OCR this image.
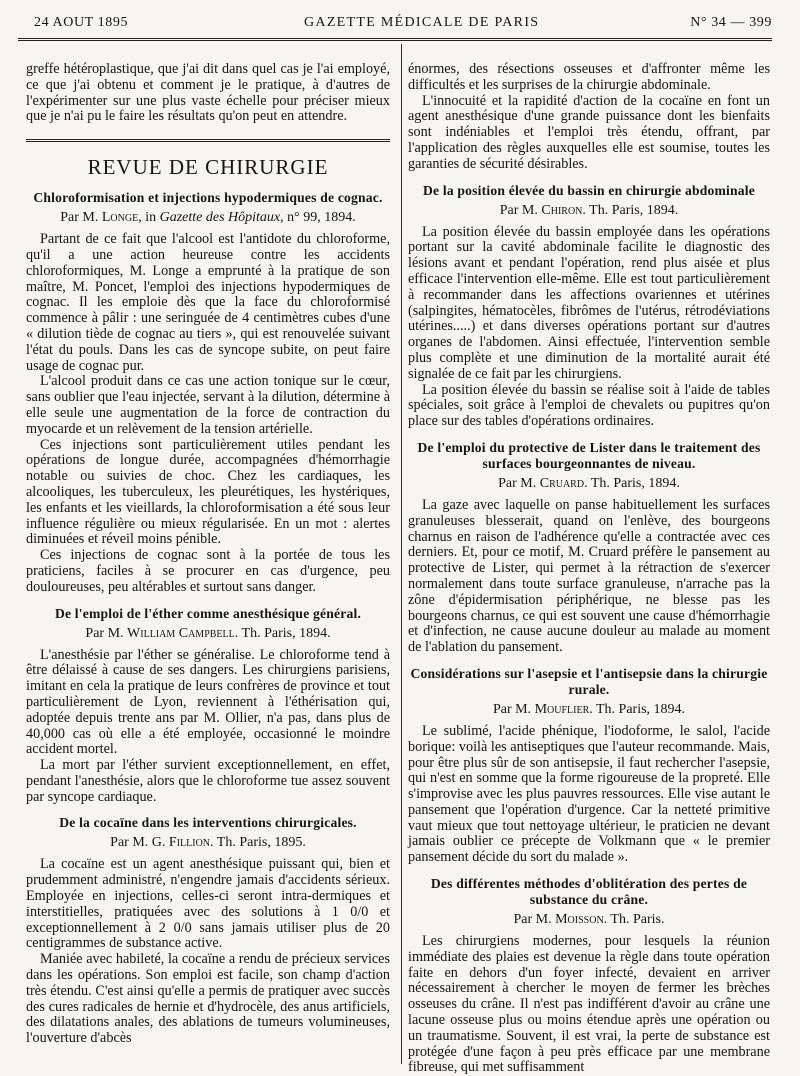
24 AOUT 1895	GAZETTE MÉDICALE DE PARIS	N° 34 — 399

greffe hétéroplastique, que j'ai dit dans quel cas je l'ai employé, ce que j'ai obtenu et comment je le pratique, à d'autres de l'expérimenter sur une plus vaste échelle pour préciser mieux que je n'ai pu le faire les résultats qu'on peut en attendre.

REVUE DE CHIRURGIE
Chloroformisation et injections hypodermiques de cognac.
Par M. Longe, in Gazette des Hôpitaux, n° 99, 1894.

Partant de ce fait que l'alcool est l'antidote du chloroforme, qu'il a une action heureuse contre les accidents chloroformiques, M. Longe a emprunté à la pratique de son maître, M. Poncet, l'emploi des injections hypodermiques de cognac. Il les emploie dès que la face du chloroformisé commence à pâlir : une seringuée de 4 centimètres cubes d'une « dilution tiède de cognac au tiers », qui est renouvelée suivant l'état du pouls. Dans les cas de syncope subite, on peut faire usage de cognac pur.

L'alcool produit dans ce cas une action tonique sur le cœur, sans oublier que l'eau injectée, servant à la dilution, détermine à elle seule une augmentation de la force de contraction du myocarde et un relèvement de la tension artérielle.

Ces injections sont particulièrement utiles pendant les opérations de longue durée, accompagnées d'hémorrhagie notable ou suivies de choc. Chez les cardiaques, les alcooliques, les tuberculeux, les pleurétiques, les hystériques, les enfants et les vieillards, la chloroformisation a été sous leur influence régulière ou mieux régularisée. En un mot : alertes diminuées et réveil moins pénible.

Ces injections de cognac sont à la portée de tous les praticiens, faciles à se procurer en cas d'urgence, peu douloureuses, peu altérables et surtout sans danger.

De l'emploi de l'éther comme anesthésique général.
Par M. William Campbell. Th. Paris, 1894.

L'anesthésie par l'éther se généralise. Le chloroforme tend à être délaissé à cause de ses dangers. Les chirurgiens parisiens, imitant en cela la pratique de leurs confrères de province et tout particulièrement de Lyon, reviennent à l'éthérisation qui, adoptée depuis trente ans par M. Ollier, n'a pas, dans plus de 40,000 cas où elle a été employée, occasionné le moindre accident mortel.

La mort par l'éther survient exceptionnellement, en effet, pendant l'anesthésie, alors que le chloroforme tue assez souvent par syncope cardiaque.

De la cocaïne dans les interventions chirurgicales.
Par M. G. Fillion. Th. Paris, 1895.

La cocaïne est un agent anesthésique puissant qui, bien et prudemment administré, n'engendre jamais d'accidents sérieux. Employée en injections, celles-ci seront intra-dermiques et interstitielles, pratiquées avec des solutions à 1 0/0 et exceptionnellement à 2 0/0 sans jamais utiliser plus de 20 centigrammes de substance active.

Maniée avec habileté, la cocaïne a rendu de précieux services dans les opérations. Son emploi est facile, son champ d'action très étendu. C'est ainsi qu'elle a permis de pratiquer avec succès des cures radicales de hernie et d'hydrocèle, des anus artificiels, des dilatations anales, des ablations de tumeurs volumineuses, l'ouverture d'abcès

énormes, des résections osseuses et d'affronter même les difficultés et les surprises de la chirurgie abdominale.

L'innocuité et la rapidité d'action de la cocaïne en font un agent anesthésique d'une grande puissance dont les bienfaits sont indéniables et l'emploi très étendu, offrant, par l'application des règles auxquelles elle est soumise, toutes les garanties de sécurité désirables.

De la position élevée du bassin en chirurgie abdominale
Par M. Chiron. Th. Paris, 1894.

La position élevée du bassin employée dans les opérations portant sur la cavité abdominale facilite le diagnostic des lésions avant et pendant l'opération, rend plus aisée et plus efficace l'intervention elle-même. Elle est tout particulièrement à recommander dans les affections ovariennes et utérines (salpingites, hématocèles, fibrômes de l'utérus, rétrodéviations utérines.....) et dans diverses opérations portant sur d'autres organes de l'abdomen. Ainsi effectuée, l'intervention semble plus complète et une diminution de la mortalité aurait été signalée de ce fait par les chirurgiens.

La position élevée du bassin se réalise soit à l'aide de tables spéciales, soit grâce à l'emploi de chevalets ou pupitres qu'on place sur des tables d'opérations ordinaires.

De l'emploi du protective de Lister dans le traitement des surfaces bourgeonnantes de niveau.
Par M. Cruard. Th. Paris, 1894.

La gaze avec laquelle on panse habituellement les surfaces granuleuses blesserait, quand on l'enlève, des bourgeons charnus en raison de l'adhérence qu'elle a contractée avec ces derniers. Et, pour ce motif, M. Cruard préfère le pansement au protective de Lister, qui permet à la rétraction de s'exercer normalement dans toute surface granuleuse, n'arrache pas la zône d'épidermisation périphérique, ne blesse pas les bourgeons charnus, ce qui est souvent une cause d'hémorrhagie et d'infection, ne cause aucune douleur au malade au moment de l'ablation du pansement.

Considérations sur l'asepsie et l'antisepsie dans la chirurgie rurale.
Par M. Mouflier. Th. Paris, 1894.

Le sublimé, l'acide phénique, l'iodoforme, le salol, l'acide borique: voilà les antiseptiques que l'auteur recommande. Mais, pour être plus sûr de son antisepsie, il faut rechercher l'asepsie, qui n'est en somme que la forme rigoureuse de la propreté. Elle s'improvise avec les plus pauvres ressources. Elle vise autant le pansement que l'opération d'urgence. Car la netteté primitive vaut mieux que tout nettoyage ultérieur, le praticien ne devant jamais oublier ce précepte de Volkmann que « le premier pansement décide du sort du malade ».

Des différentes méthodes d'oblitération des pertes de substance du crâne.
Par M. Moisson. Th. Paris.

Les chirurgiens modernes, pour lesquels la réunion immédiate des plaies est devenue la règle dans toute opération faite en dehors d'un foyer infecté, devaient en arriver nécessairement à chercher le moyen de fermer les brèches osseuses du crâne. Il n'est pas indifférent d'avoir au crâne une lacune osseuse plus ou moins étendue après une opération ou un traumatisme. Souvent, il est vrai, la perte de substance est protégée d'une façon à peu près efficace par une membrane fibreuse, qui met suffisamment
